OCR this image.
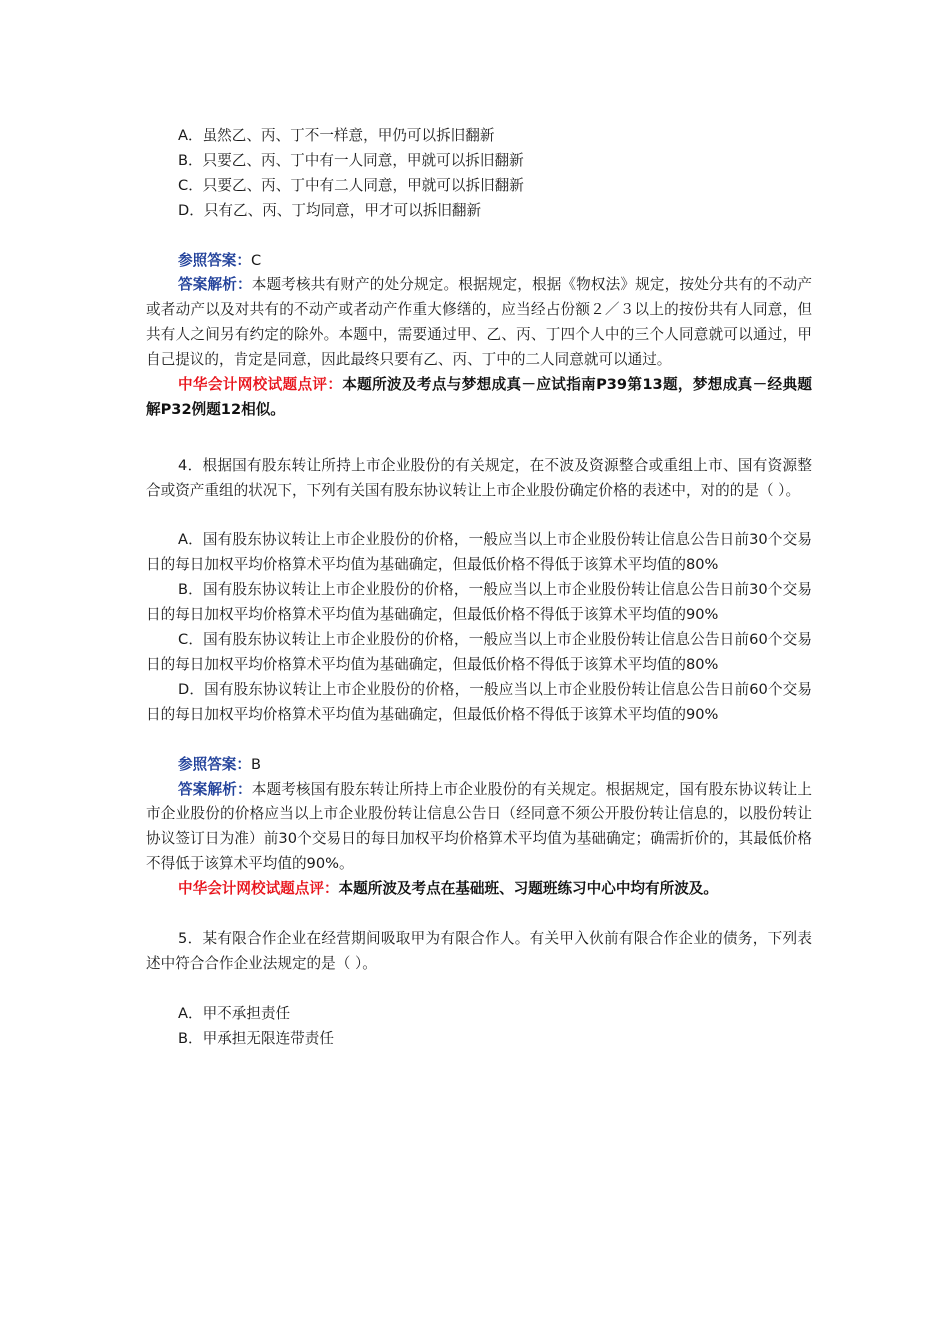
A．虽然乙、丙、丁不一样意，甲仍可以拆旧翻新

B．只要乙、丙、丁中有一人同意，甲就可以拆旧翻新

C．只要乙、丙、丁中有二人同意，甲就可以拆旧翻新

D．只有乙、丙、丁均同意，甲才可以拆旧翻新

参照答案：C

答案解析：本题考核共有财产的处分规定。根据规定，根据《物权法》规定，按处分共有的不动产或者动产以及对共有的不动产或者动产作重大修缮的，应当经占份额２／３以上的按份共有人同意，但共有人之间另有约定的除外。本题中，需要通过甲、乙、丙、丁四个人中的三个人同意就可以通过，甲自己提议的，肯定是同意，因此最终只要有乙、丙、丁中的二人同意就可以通过。

中华会计网校试题点评：本题所波及考点与梦想成真－应试指南P39第13题，梦想成真－经典题解P32例题12相似。

4．根据国有股东转让所持上市企业股份的有关规定，在不波及资源整合或重组上市、国有资源整合或资产重组的状况下，下列有关国有股东协议转让上市企业股份确定价格的表述中，对的的是（ ）。

A．国有股东协议转让上市企业股份的价格，一般应当以上市企业股份转让信息公告日前30个交易日的每日加权平均价格算术平均值为基础确定，但最低价格不得低于该算术平均值的80%

B．国有股东协议转让上市企业股份的价格，一般应当以上市企业股份转让信息公告日前30个交易日的每日加权平均价格算术平均值为基础确定，但最低价格不得低于该算术平均值的90%

C．国有股东协议转让上市企业股份的价格，一般应当以上市企业股份转让信息公告日前60个交易日的每日加权平均价格算术平均值为基础确定，但最低价格不得低于该算术平均值的80%

D．国有股东协议转让上市企业股份的价格，一般应当以上市企业股份转让信息公告日前60个交易日的每日加权平均价格算术平均值为基础确定，但最低价格不得低于该算术平均值的90%

参照答案：B

答案解析：本题考核国有股东转让所持上市企业股份的有关规定。根据规定，国有股东协议转让上市企业股份的价格应当以上市企业股份转让信息公告日（经同意不须公开股份转让信息的，以股份转让协议签订日为准）前30个交易日的每日加权平均价格算术平均值为基础确定；确需折价的，其最低价格不得低于该算术平均值的90%。

中华会计网校试题点评：本题所波及考点在基础班、习题班练习中心中均有所波及。

5．某有限合作企业在经营期间吸取甲为有限合作人。有关甲入伙前有限合作企业的债务，下列表述中符合合作企业法规定的是（ ）。

A．甲不承担责任

B．甲承担无限连带责任
